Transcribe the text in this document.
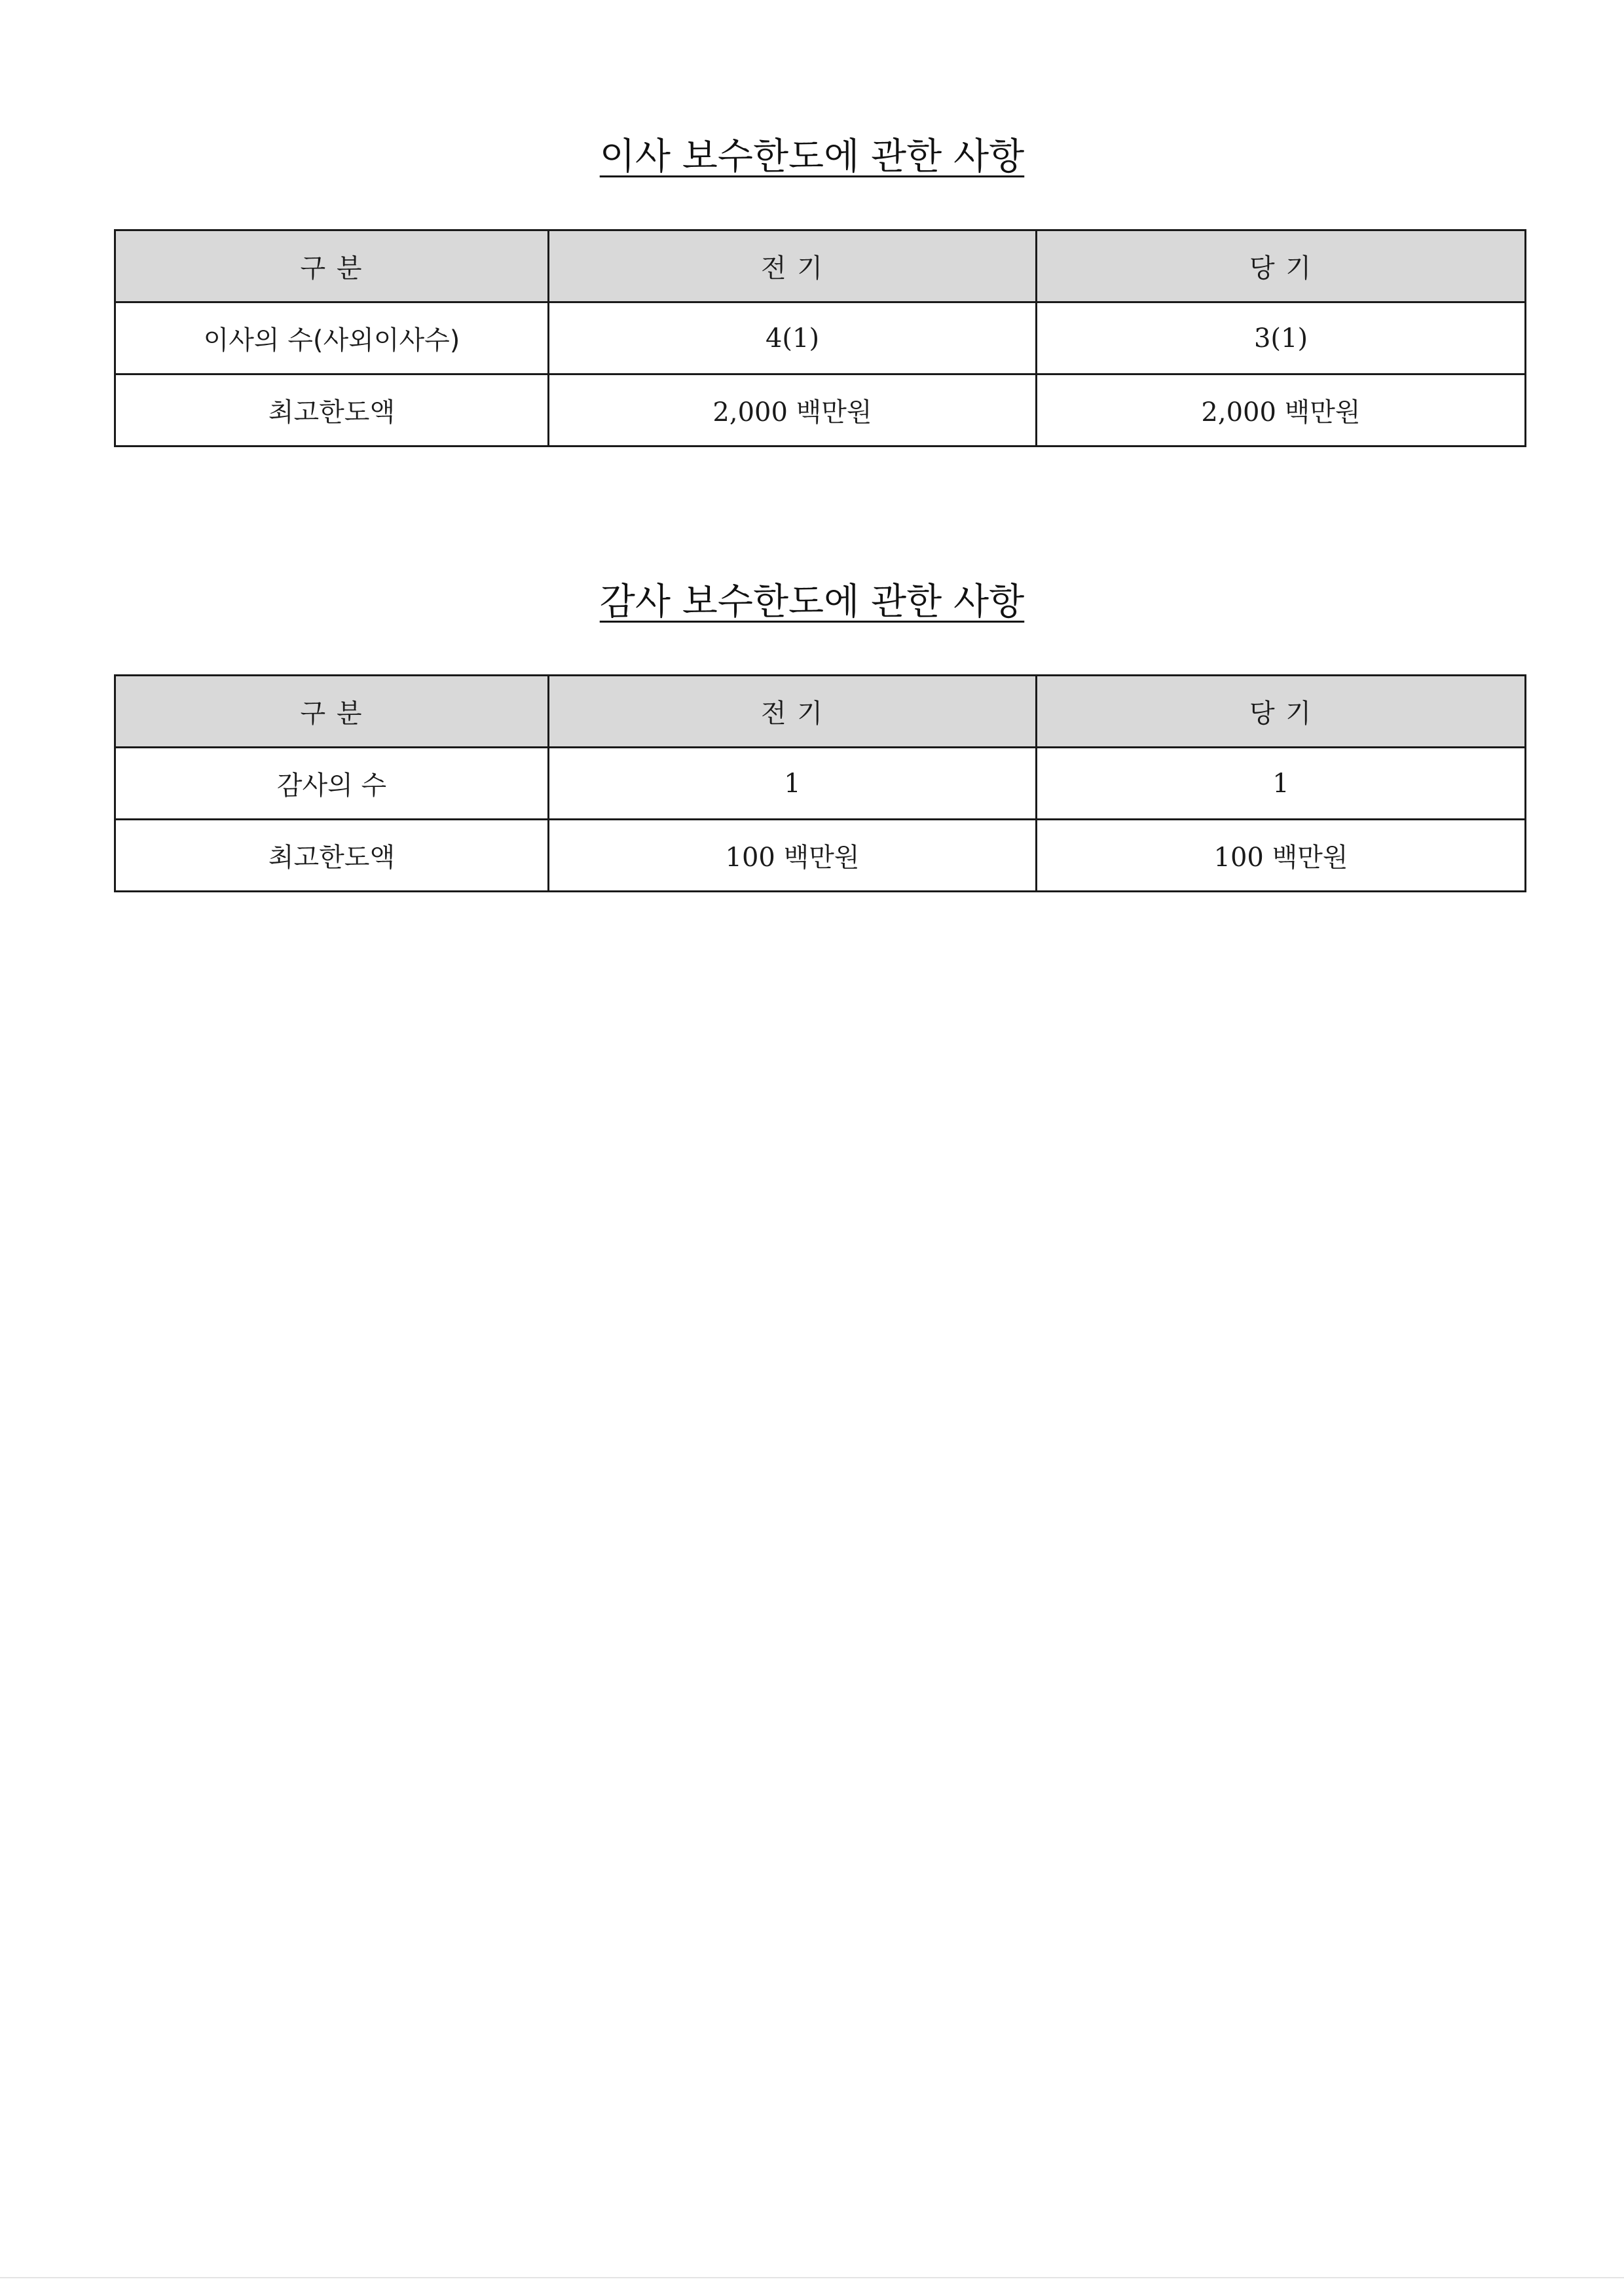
이사 보수한도에 관한 사항
구 분	전 기	당 기
이사의 수(사외이사수)	4(1)	3(1)
최고한도액	2,000 백만원	2,000 백만원
감사 보수한도에 관한 사항
구 분	전 기	당 기
감사의 수	1	1
최고한도액	100 백만원	100 백만원
